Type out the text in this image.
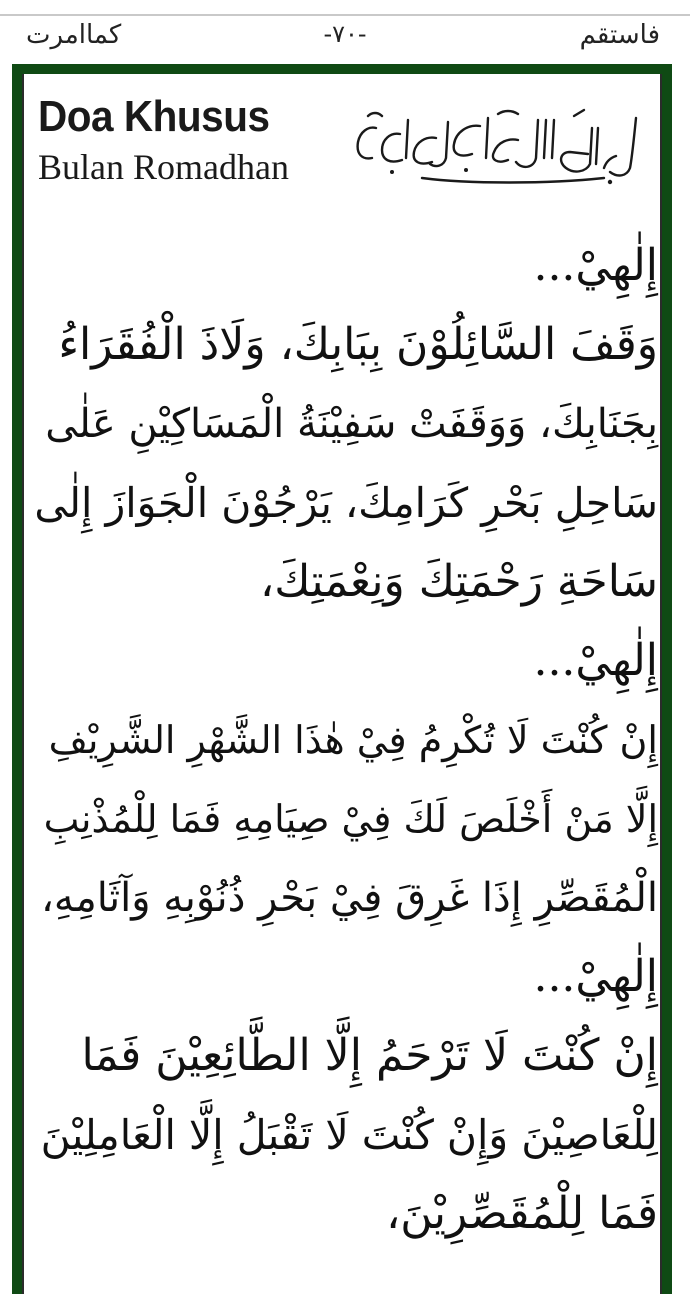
كماامرت	-٧٠-	فاستقم
Doa Khusus
Bulan Romadhan
إِلٰهِيْ...
وَقَفَ السَّائِلُوْنَ بِبَابِكَ، وَلَاذَ الْفُقَرَاءُ
بِجَنَابِكَ، وَوَقَفَتْ سَفِيْنَةُ الْمَسَاكِيْنِ عَلٰى
سَاحِلِ بَحْرِ كَرَامِكَ، يَرْجُوْنَ الْجَوَازَ إِلٰى
سَاحَةِ رَحْمَتِكَ وَنِعْمَتِكَ،
إِلٰهِيْ...
إِنْ كُنْتَ لَا تُكْرِمُ فِيْ هٰذَا الشَّهْرِ الشَّرِيْفِ
إِلَّا مَنْ أَخْلَصَ لَكَ فِيْ صِيَامِهِ فَمَا لِلْمُذْنِبِ
الْمُقَصِّرِ إِذَا غَرِقَ فِيْ بَحْرِ ذُنُوْبِهِ وَآثَامِهِ،
إِلٰهِيْ...
إِنْ كُنْتَ لَا تَرْحَمُ إِلَّا الطَّائِعِيْنَ فَمَا
لِلْعَاصِيْنَ وَإِنْ كُنْتَ لَا تَقْبَلُ إِلَّا الْعَامِلِيْنَ
فَمَا لِلْمُقَصِّرِيْنَ،
